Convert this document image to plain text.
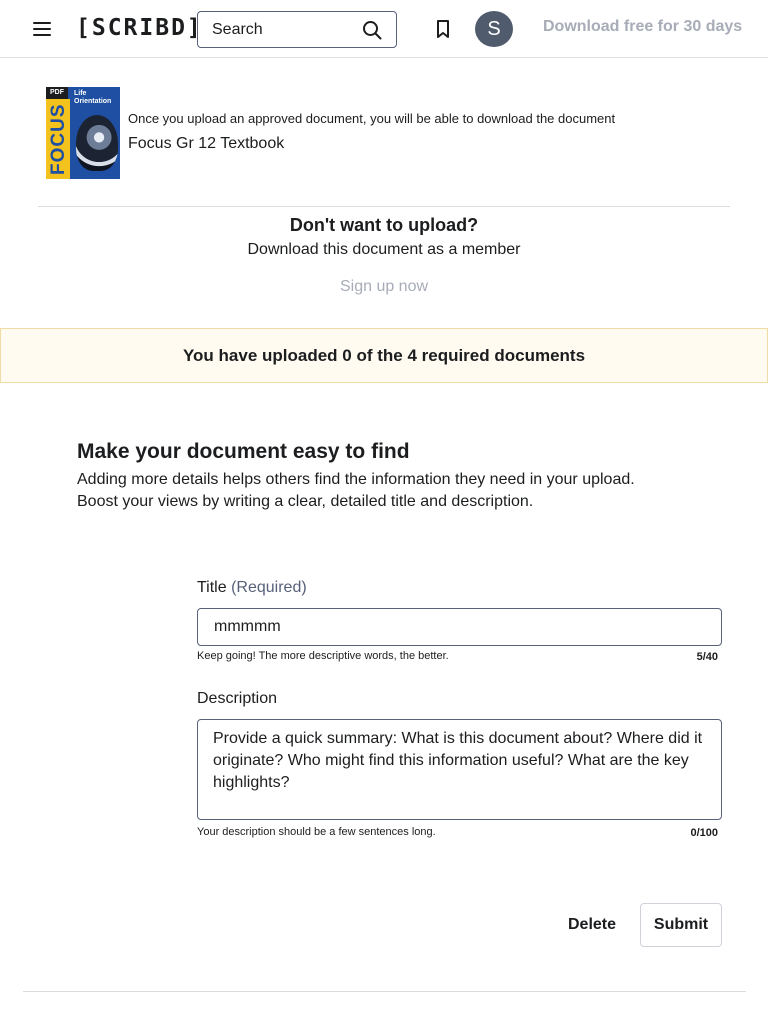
[SCRIBD]
Search	S	Download free for 30 days
PDF
FOCUS
Life Orientation
Once you upload an approved document, you will be able to download the document
Focus Gr 12 Textbook
Don't want to upload?
Download this document as a member
Sign up now
You have uploaded 0 of the 4 required documents
Make your document easy to find

Adding more details helps others find the information they need in your upload. Boost your views by writing a clear, detailed title and description.

Title (Required)
mmmmm
Keep going! The more descriptive words, the better.	5/40
Description
Provide a quick summary: What is this document about? Where did it originate? Who might find this information useful? What are the key highlights?
Your description should be a few sentences long.	0/100
Delete	Submit
